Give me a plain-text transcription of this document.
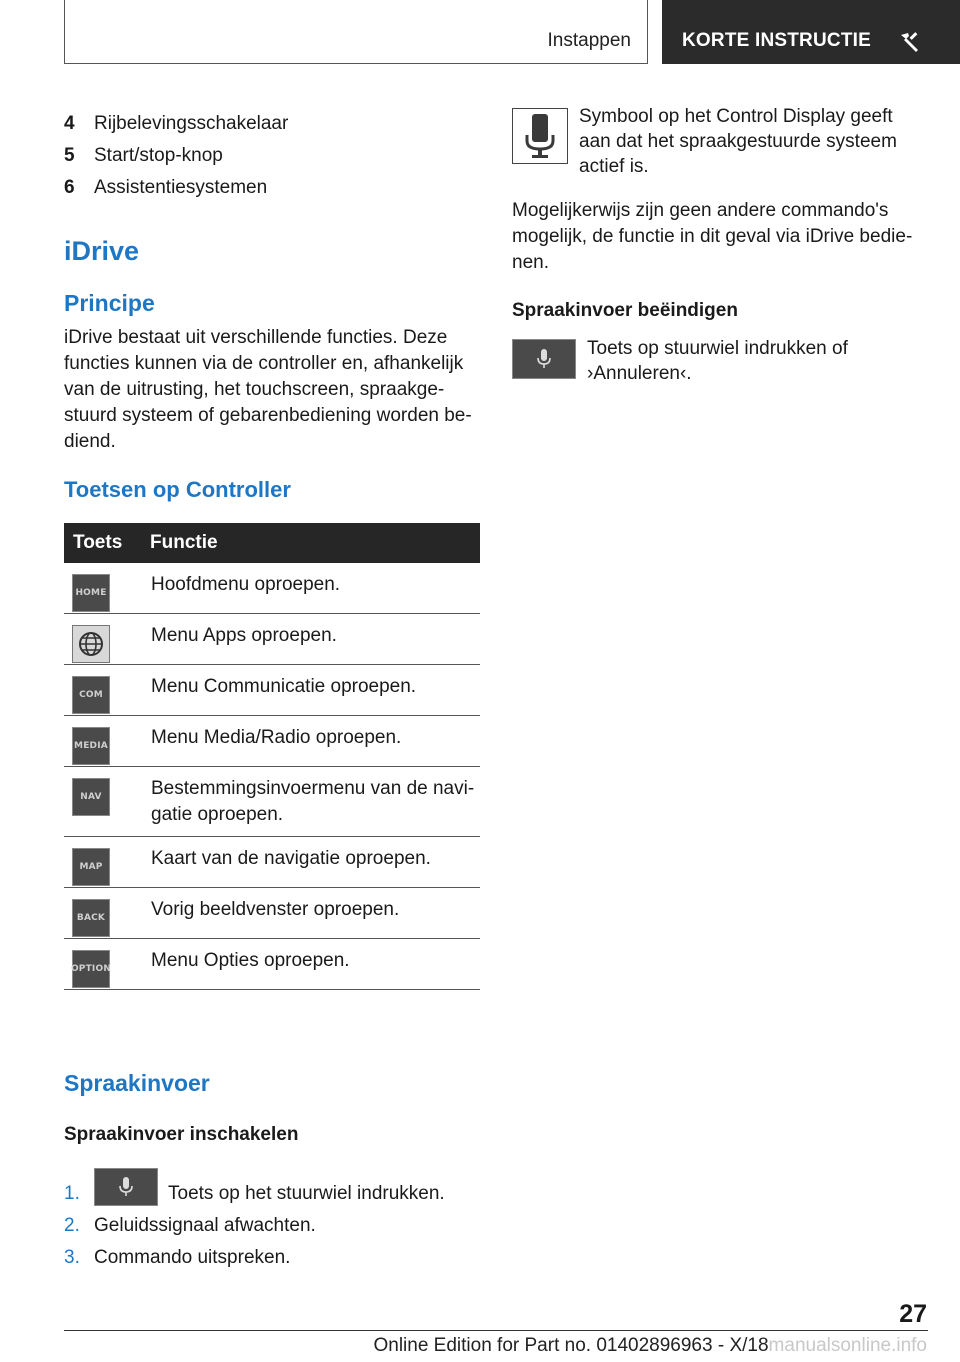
Instappen	KORTE INSTRUCTIE
4	Rijbelevingsschakelaar
5	Start/stop-knop
6	Assistentiesystemen
iDrive
Principe

iDrive bestaat uit verschillende functies. Deze functies kunnen via de controller en, afhankelijk van de uitrusting, het touchscreen, spraakgestuurd systeem of gebarenbediening worden bediend.

Toetsen op Controller
Toets	Functie

HOME	Hoofdmenu oproepen.

	Menu Apps oproepen.

COM	Menu Communicatie oproepen.

MEDIA	Menu Media/Radio oproepen.

NAV	Bestemmingsinvoermenu van de navigatie oproepen.

MAP	Kaart van de navigatie oproepen.

BACK	Vorig beeldvenster oproepen.

OPTION	Menu Opties oproepen.
Spraakinvoer
Spraakinvoer inschakelen
1.	Toets op het stuurwiel indrukken.
2. Geluidssignaal afwachten.
3. Commando uitspreken.

Symbool op het Control Display geeft aan dat het spraakgestuurde systeem actief is.

Mogelijkerwijs zijn geen andere commando's mogelijk, de functie in dit geval via iDrive bedienen.

Spraakinvoer beëindigen

Toets op stuurwiel indrukken of ›Annuleren‹.

27
Online Edition for Part no. 01402896963 - X/18manualsonline.info
